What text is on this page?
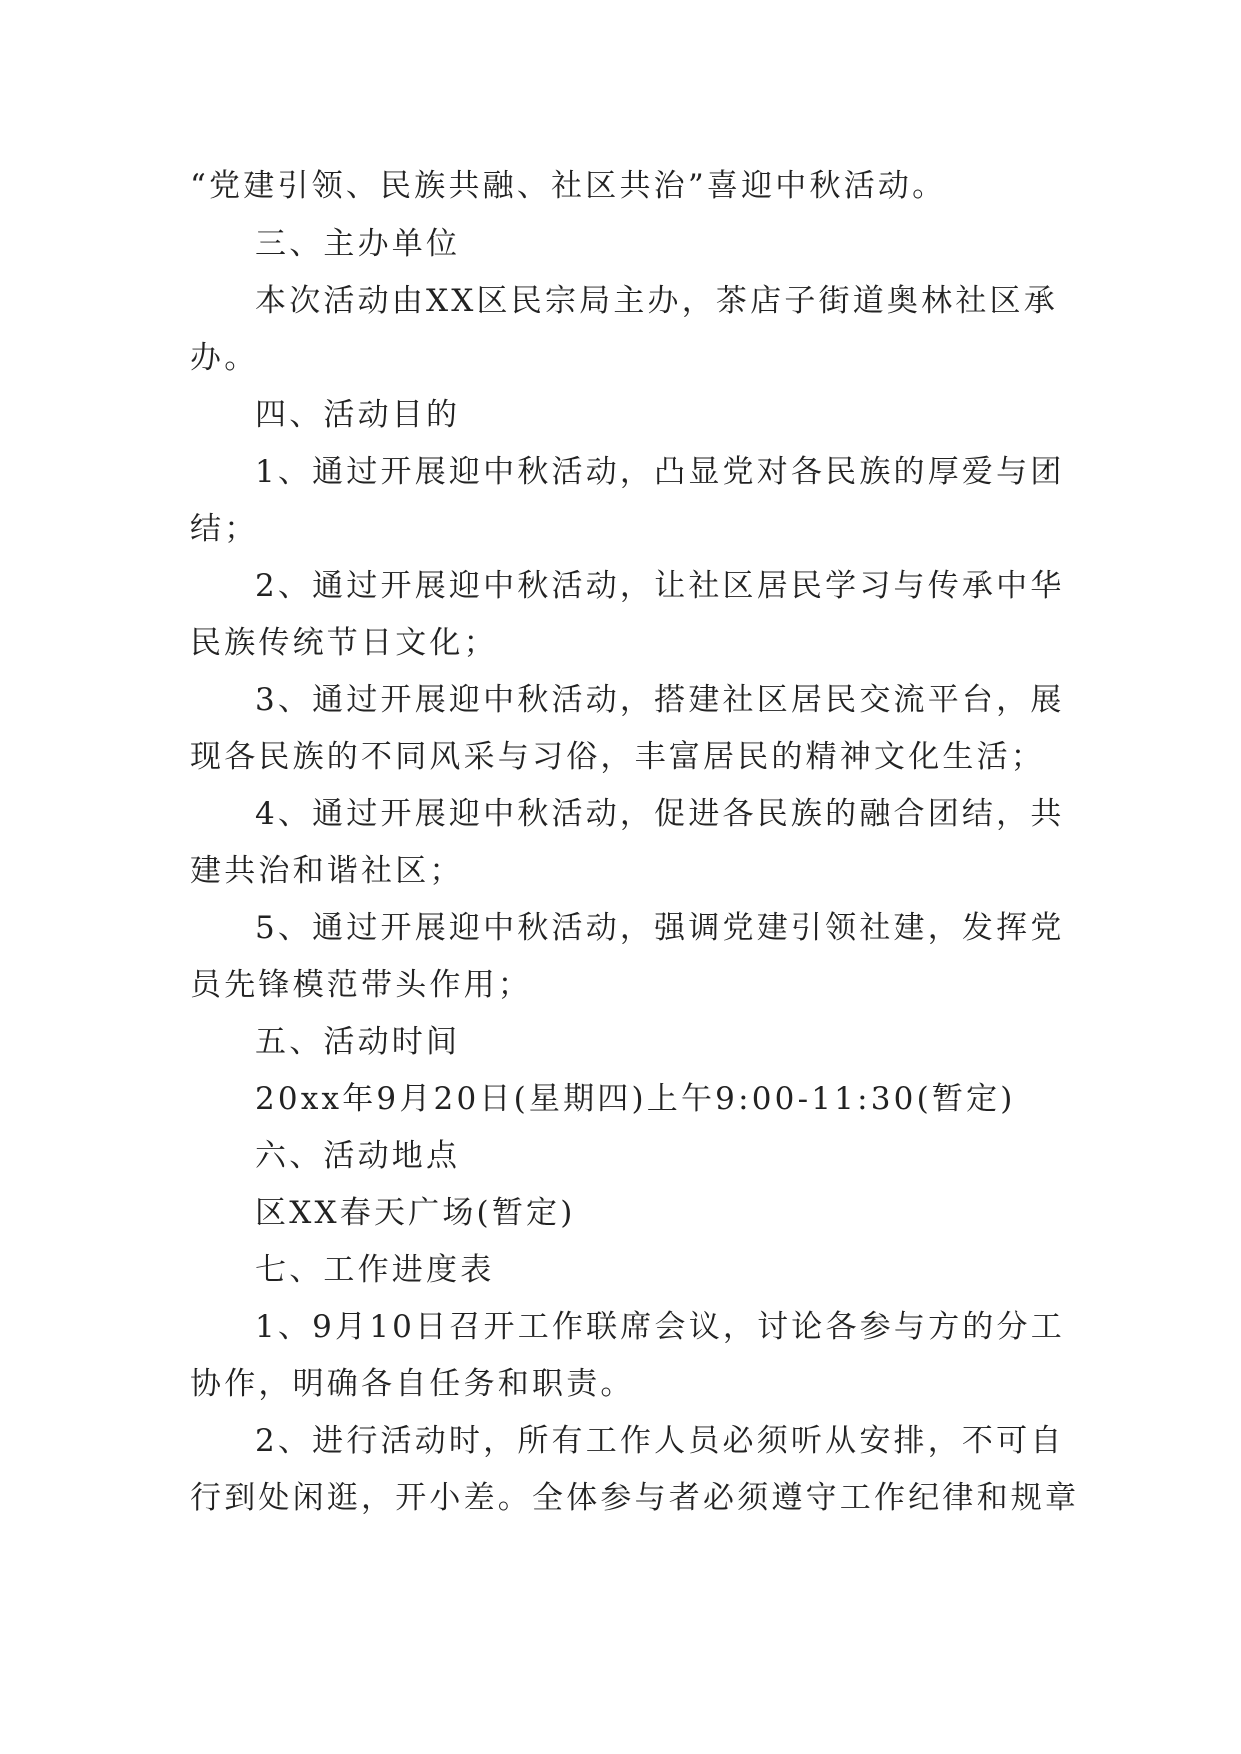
“党建引领、民族共融、社区共治”喜迎中秋活动。
三、主办单位
本次活动由XX区民宗局主办，茶店子街道奥林社区承
办。
四、活动目的
1、通过开展迎中秋活动，凸显党对各民族的厚爱与团
结；
2、通过开展迎中秋活动，让社区居民学习与传承中华
民族传统节日文化；
3、通过开展迎中秋活动，搭建社区居民交流平台，展
现各民族的不同风采与习俗，丰富居民的精神文化生活；
4、通过开展迎中秋活动，促进各民族的融合团结，共
建共治和谐社区；
5、通过开展迎中秋活动，强调党建引领社建，发挥党
员先锋模范带头作用；
五、活动时间
20xx年9月20日(星期四)上午9:00-11:30(暂定)
六、活动地点
区XX春天广场(暂定)
七、工作进度表
1、9月10日召开工作联席会议，讨论各参与方的分工
协作，明确各自任务和职责。
2、进行活动时，所有工作人员必须听从安排，不可自
行到处闲逛，开小差。全体参与者必须遵守工作纪律和规章
